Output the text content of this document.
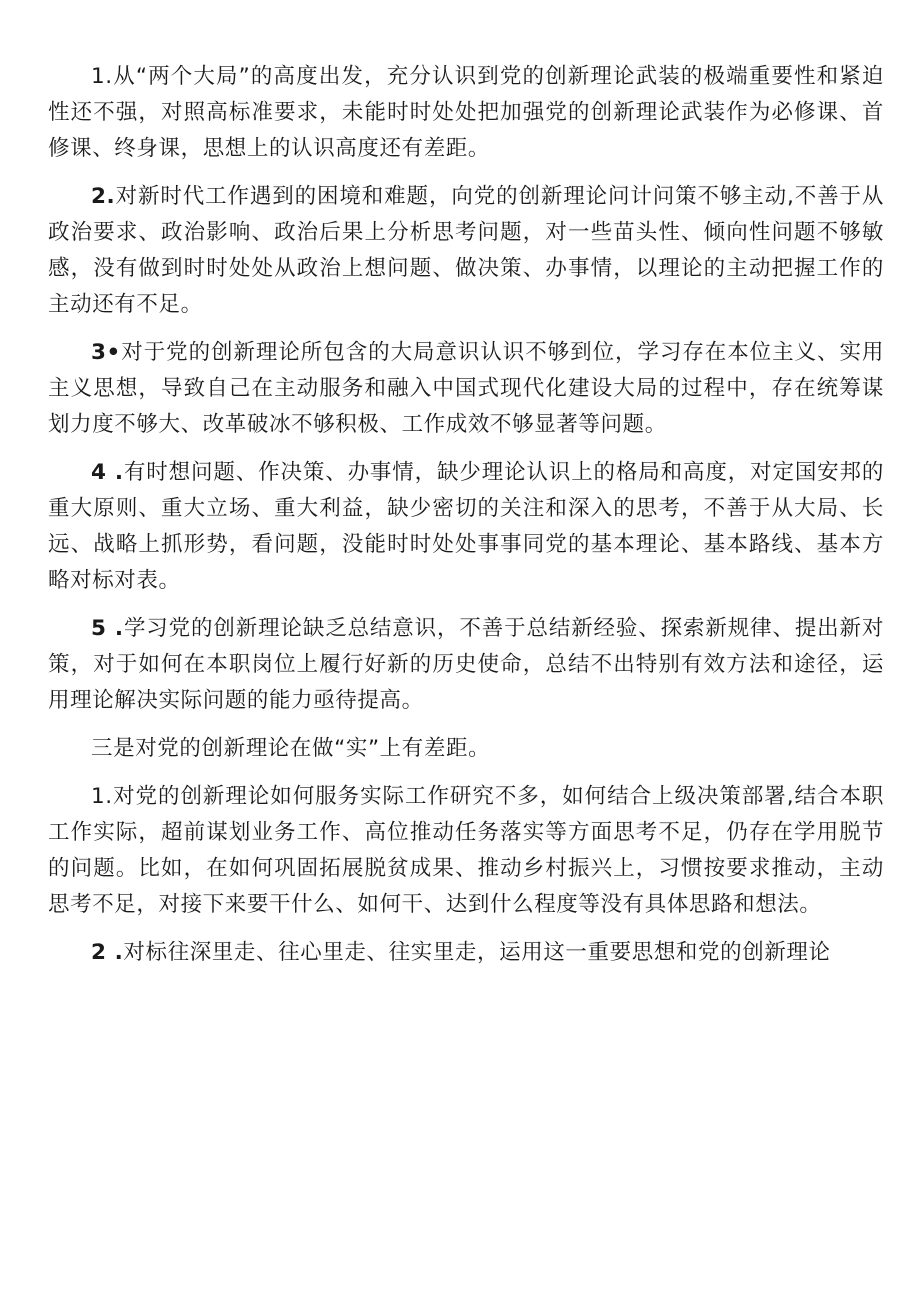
1.从“两个大局”的高度出发，充分认识到党的创新理论武装的极端重要性和紧迫性还不强，对照高标准要求，未能时时处处把加强党的创新理论武装作为必修课、首修课、终身课，思想上的认识高度还有差距。

2.对新时代工作遇到的困境和难题，向党的创新理论问计问策不够主动,不善于从政治要求、政治影响、政治后果上分析思考问题，对一些苗头性、倾向性问题不够敏感，没有做到时时处处从政治上想问题、做决策、办事情，以理论的主动把握工作的主动还有不足。

3•对于党的创新理论所包含的大局意识认识不够到位，学习存在本位主义、实用主义思想，导致自己在主动服务和融入中国式现代化建设大局的过程中，存在统筹谋划力度不够大、改革破冰不够积极、工作成效不够显著等问题。

4 .有时想问题、作决策、办事情，缺少理论认识上的格局和高度，对定国安邦的重大原则、重大立场、重大利益，缺少密切的关注和深入的思考，不善于从大局、长远、战略上抓形势，看问题，没能时时处处事事同党的基本理论、基本路线、基本方略对标对表。

5 .学习党的创新理论缺乏总结意识，不善于总结新经验、探索新规律、提出新对策，对于如何在本职岗位上履行好新的历史使命，总结不出特别有效方法和途径，运用理论解决实际问题的能力亟待提高。

三是对党的创新理论在做“实”上有差距。

1.对党的创新理论如何服务实际工作研究不多，如何结合上级决策部署,结合本职工作实际，超前谋划业务工作、高位推动任务落实等方面思考不足，仍存在学用脱节的问题。比如，在如何巩固拓展脱贫成果、推动乡村振兴上，习惯按要求推动，主动思考不足，对接下来要干什么、如何干、达到什么程度等没有具体思路和想法。

2 .对标往深里走、往心里走、往实里走，运用这一重要思想和党的创新理论
